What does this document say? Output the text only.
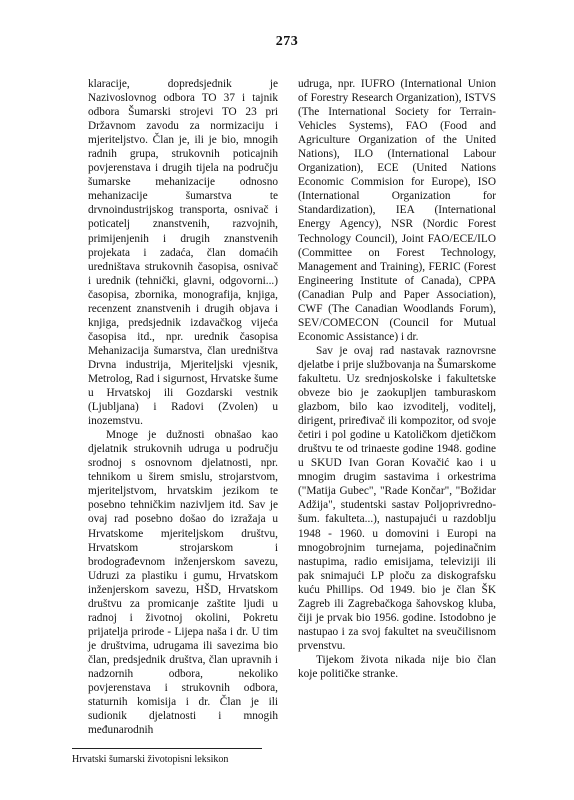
273

klaracije, dopredsjednik je Nazivoslovnog odbora TO 37 i tajnik odbora Šumarski strojevi TO 23 pri Državnom zavodu za normizaciju i mjeriteljstvo. Član je, ili je bio, mnogih radnih grupa, strukovnih poticajnih povjerenstava i drugih tijela na području šumarske mehanizacije odnosno mehanizacije šumarstva te drvnoindustrijskog transporta, osnivač i poticatelj znanstvenih, razvojnih, primijenjenih i drugih znanstvenih projekata i zadaća, član domaćih uredništava strukovnih časopisa, osnivač i urednik (tehnički, glavni, odgovorni...) časopisa, zbornika, monografija, knjiga, recenzent znanstvenih i drugih objava i knjiga, predsjednik izdavačkog vijeća časopisa itd., npr. urednik časopisa Mehanizacija šumarstva, član uredništva Drvna industrija, Mjeriteljski vjesnik, Metrolog, Rad i sigurnost, Hrvatske šume u Hrvatskoj ili Gozdarski vestnik (Ljubljana) i Radovi (Zvolen) u inozemstvu.

Mnoge je dužnosti obnašao kao djelatnik strukovnih udruga u području srodnoj s osnovnom djelatnosti, npr. tehnikom u širem smislu, strojarstvom, mjeriteljstvom, hrvatskim jezikom te posebno tehničkim nazivljem itd. Sav je ovaj rad posebno došao do izražaja u Hrvatskome mjeriteljskom društvu, Hrvatskom strojarskom i brodograđevnom inženjerskom savezu, Udruzi za plastiku i gumu, Hrvatskom inženjerskom savezu, HŠD, Hrvatskom društvu za promicanje zaštite ljudi u radnoj i životnoj okolini, Pokretu prijatelja prirode - Lijepa naša i dr. U tim je društvima, udrugama ili savezima bio član, predsjednik društva, član upravnih i nadzornih odbora, nekoliko povjerenstava i strukovnih odbora, staturnih komisija i dr. Član je ili sudionik djelatnosti i mnogih međunarodnih

udruga, npr. IUFRO (International Union of Forestry Research Organization), ISTVS (The International Society for Terrain-Vehicles Systems), FAO (Food and Agriculture Organization of the United Nations), ILO (International Labour Organization), ECE (United Nations Economic Commision for Europe), ISO (International Organization for Standardization), IEA (International Energy Agency), NSR (Nordic Forest Technology Council), Joint FAO/ECE/ILO (Committee on Forest Technology, Management and Training), FERIC (Forest Engineering Institute of Canada), CPPA (Canadian Pulp and Paper Association), CWF (The Canadian Woodlands Forum), SEV/COMECON (Council for Mutual Economic Assistance) i dr.

Sav je ovaj rad nastavak raznovrsne djelatbe i prije službovanja na Šumarskome fakultetu. Uz srednjoskolske i fakultetske obveze bio je zaokupljen tamburaskom glazbom, bilo kao izvoditelj, voditelj, dirigent, priređivač ili kompozitor, od svoje četiri i pol godine u Katoličkom djetičkom društvu te od trinaeste godine 1948. godine u SKUD Ivan Goran Kovačić kao i u mnogim drugim sastavima i orkestrima ("Matija Gubec", "Rade Končar", "Božidar Adžija", studentski sastav Poljoprivredno-šum. fakulteta...), nastupajući u razdoblju 1948 - 1960. u domovini i Europi na mnogobrojnim turnejama, pojedinačnim nastupima, radio emisijama, televiziji ili pak snimajući LP ploču za diskografsku kuću Phillips. Od 1949. bio je član ŠK Zagreb ili Zagrebačkoga šahovskog kluba, čiji je prvak bio 1956. godine. Istodobno je nastupao i za svoj fakultet na sveučilisnom prvenstvu.

Tijekom života nikada nije bio član koje političke stranke.

Hrvatski šumarski životopisni leksikon
